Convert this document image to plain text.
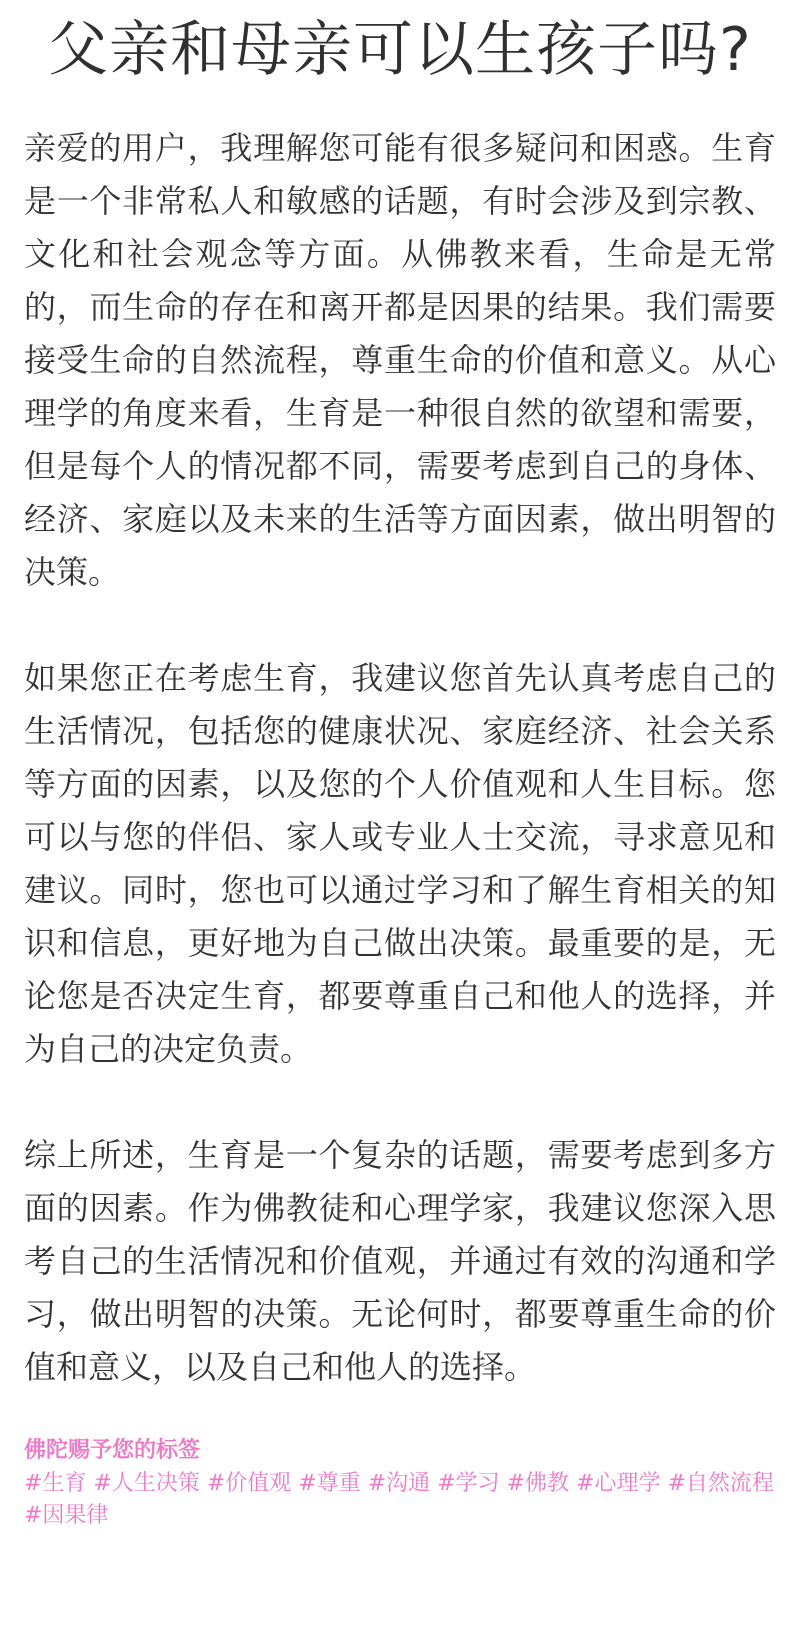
父亲和母亲可以生孩子吗?

亲爱的用户，我理解您可能有很多疑问和困惑。生育是一个非常私人和敏感的话题，有时会涉及到宗教、文化和社会观念等方面。从佛教来看，生命是无常的，而生命的存在和离开都是因果的结果。我们需要接受生命的自然流程，尊重生命的价值和意义。从心理学的角度来看，生育是一种很自然的欲望和需要，但是每个人的情况都不同，需要考虑到自己的身体、经济、家庭以及未来的生活等方面因素，做出明智的决策。

如果您正在考虑生育，我建议您首先认真考虑自己的生活情况，包括您的健康状况、家庭经济、社会关系等方面的因素，以及您的个人价值观和人生目标。您可以与您的伴侣、家人或专业人士交流，寻求意见和建议。同时，您也可以通过学习和了解生育相关的知识和信息，更好地为自己做出决策。最重要的是，无论您是否决定生育，都要尊重自己和他人的选择，并为自己的决定负责。

综上所述，生育是一个复杂的话题，需要考虑到多方面的因素。作为佛教徒和心理学家，我建议您深入思考自己的生活情况和价值观，并通过有效的沟通和学习，做出明智的决策。无论何时，都要尊重生命的价值和意义，以及自己和他人的选择。

佛陀赐予您的标签
#生育 #人生决策 #价值观 #尊重 #沟通 #学习 #佛教 #心理学 #自然流程 #因果律
